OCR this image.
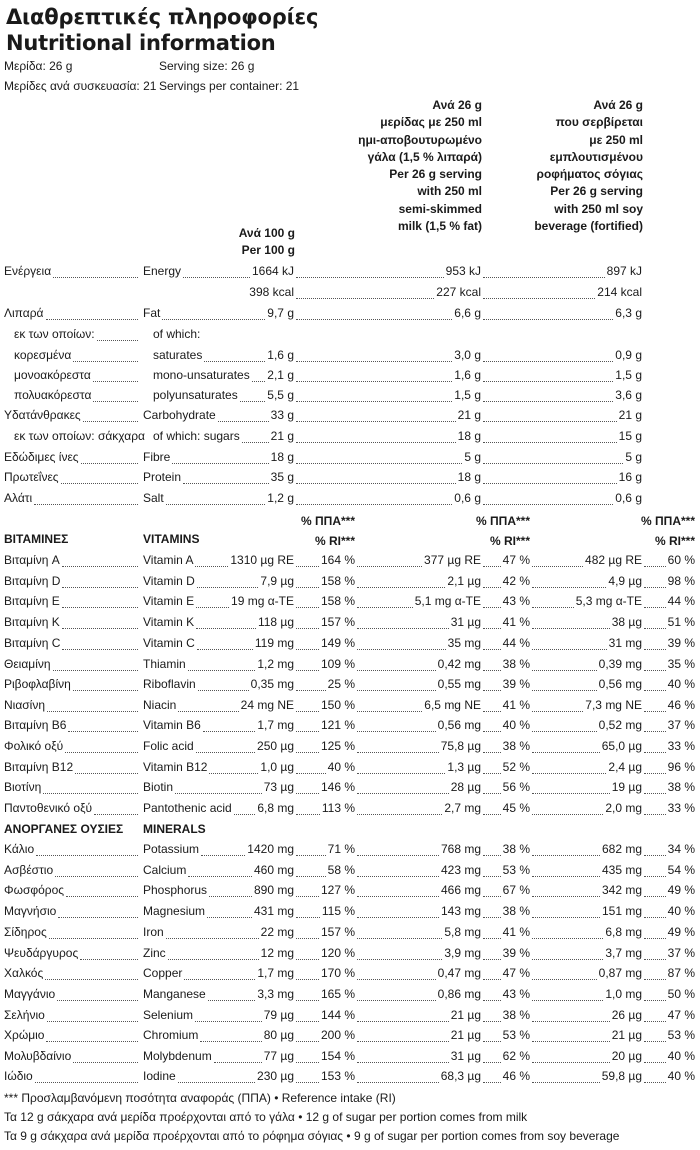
Διαθρεπτικές πληροφορίες
Nutritional information
Μερίδα: 26 g
Μερίδες ανά συσκευασία: 21
Serving size: 26 g
Servings per container: 21
Ανά 100 g
Per 100 g
Ανά 26 g
μερίδας με 250 ml
ημι-αποβουτυρωμένο
γάλα (1,5 % λιπαρά)
Per 26 g serving
with 250 ml
semi-skimmed
milk (1,5 % fat)
Ανά 26 g
που σερβίρεται
με 250 ml
εμπλουτισμένου
ροφήματος σόγιας
Per 26 g serving
with 250 ml soy
beverage (fortified)
% ΠΠΑ***
% RI***
% ΠΠΑ***
% RI***
% ΠΠΑ***
% RI***
Ενέργεια	Energy	1664 kJ	953 kJ	897 kJ
398 kcal	227 kcal	214 kcal
Λιπαρά	Fat	9,7 g	6,6 g	6,3 g
εκ των οποίων:	of which:
κορεσμένα	saturates	1,6 g	3,0 g	0,9 g
μονοακόρεστα	mono-unsaturates 2,1 g	1,6 g	1,5 g
πολυακόρεστα	polyunsaturates 5,5 g	1,5 g	3,6 g
Υδατάνθρακες	Carbohydrate	33 g	21 g	21 g
εκ των οποίων: σάκχαρα of which: sugars	21 g	18 g	15 g
Εδώδιμες ίνες	Fibre	18 g	5 g	5 g
Πρωτεΐνες	Protein	35 g	18 g	16 g
Αλάτι	Salt	1,2 g	0,6 g	0,6 g
ΒΙΤΑΜΙΝΕΣ	VITAMINS
Βιταμίνη A	Vitamin A	1310 µg RE 164 %	377 µg RE 47 %	482 µg RE 60 %
Βιταμίνη D	Vitamin D	7,9 µg 158 %	2,1 µg 42 %	4,9 µg 98 %
Βιταμίνη E	Vitamin E	19 mg α-TE 158 %	5,1 mg α-TE 43 %	5,3 mg α-TE 44 %
Βιταμίνη K	Vitamin K	118 µg 157 %	31 µg 41 %	38 µg 51 %
Βιταμίνη C	Vitamin C	119 mg 149 %	35 mg 44 %	31 mg 39 %
Θειαμίνη	Thiamin	1,2 mg 109 %	0,42 mg 38 %	0,39 mg 35 %
Ριβοφλαβίνη	Riboflavin	0,35 mg	25 %	0,55 mg 39 %	0,56 mg 40 %
Νιασίνη	Niacin	24 mg NE 150 %	6,5 mg NE 41 %	7,3 mg NE 46 %
Βιταμίνη B6	Vitamin B6	1,7 mg 121 %	0,56 mg 40 %	0,52 mg 37 %
Φολικό οξύ	Folic acid	250 µg 125 %	75,8 µg 38 %	65,0 µg 33 %
Βιταμίνη B12	Vitamin B12	1,0 µg	40 %	1,3 µg 52 %	2,4 µg 96 %
Βιοτίνη	Biotin	73 µg 146 %	28 µg 56 %	19 µg 38 %
Παντοθενικό οξύ	Pantothenic acid 6,8 mg 113 %	2,7 mg 45 %	2,0 mg 33 %
ΑΝΟΡΓΑΝΕΣ ΟΥΣΙΕΣ MINERALS
Κάλιο	Potassium	1420 mg	71 %	768 mg 38 %	682 mg 34 %
Ασβέστιο	Calcium	460 mg	58 %	423 mg 53 %	435 mg 54 %
Φωσφόρος	Phosphorus	890 mg 127 %	466 mg 67 %	342 mg 49 %
Μαγνήσιο	Magnesium	431 mg 115 %	143 mg 38 %	151 mg 40 %
Σίδηρος	Iron	22 mg 157 %	5,8 mg 41 %	6,8 mg 49 %
Ψευδάργυρος	Zinc	12 mg 120 %	3,9 mg 39 %	3,7 mg 37 %
Χαλκός	Copper	1,7 mg 170 %	0,47 mg 47 %	0,87 mg 87 %
Μαγγάνιο	Manganese	3,3 mg 165 %	0,86 mg 43 %	1,0 mg 50 %
Σελήνιο	Selenium	79 µg 144 %	21 µg 38 %	26 µg 47 %
Χρώμιο	Chromium	80 µg 200 %	21 µg 53 %	21 µg 53 %
Μολυβδαίνιο	Molybdenum	77 µg 154 %	31 µg 62 %	20 µg 40 %
Ιώδιο	Iodine	230 µg 153 %	68,3 µg 46 %	59,8 µg 40 %
*** Προσλαμβανόμενη ποσότητα αναφοράς (ΠΠΑ) • Reference intake (RI)
Τα 12 g σάκχαρα ανά μερίδα προέρχονται από το γάλα • 12 g of sugar per portion comes from milk
Τα 9 g σάκχαρα ανά μερίδα προέρχονται από το ρόφημα σόγιας • 9 g of sugar per portion comes from soy beverage
